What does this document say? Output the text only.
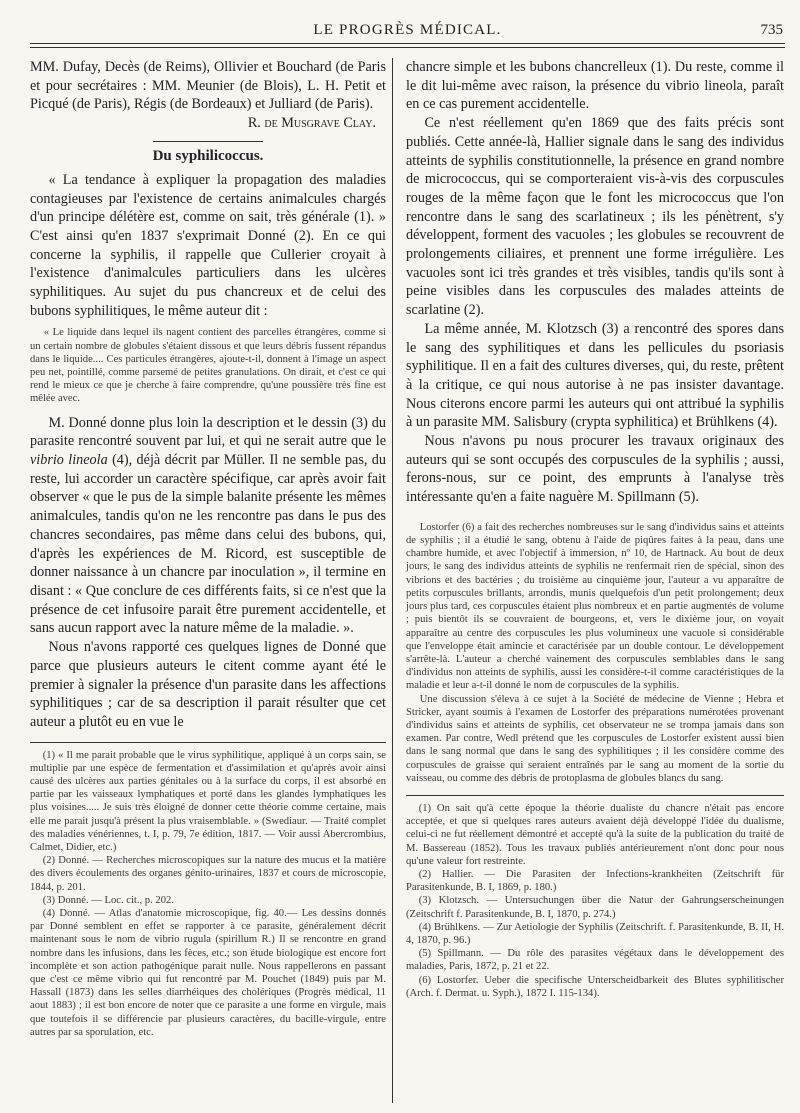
LE PROGRÈS MÉDICAL.	735

MM. Dufay, Decès (de Reims), Ollivier et Bouchard (de Paris et pour secrétaires : MM. Meunier (de Blois), L. H. Petit et Picqué (de Paris), Régis (de Bordeaux) et Julliard (de Paris).

R. de Musgrave Clay.

Du syphilicoccus.

« La tendance à expliquer la propagation des maladies contagieuses par l'existence de certains animalcules chargés d'un principe délétère est, comme on sait, très générale (1). » C'est ainsi qu'en 1837 s'exprimait Donné (2). En ce qui concerne la syphilis, il rappelle que Cullerier croyait à l'existence d'animalcules particuliers dans les ulcères syphilitiques. Au sujet du pus chancreux et de celui des bubons syphilitiques, le même auteur dit :

« Le liquide dans lequel ils nagent contient des parcelles étrangères, comme si un certain nombre de globules s'étaient dissous et que leurs débris fussent répandus dans le liquide.... Ces particules étrangères, ajoute-t-il, donnent à l'image un aspect peu net, pointillé, comme parsemé de petites granulations. On dirait, et c'est ce qui rend le mieux ce que je cherche à faire comprendre, qu'une poussière très fine est mêlée avec.

M. Donné donne plus loin la description et le dessin (3) du parasite rencontré souvent par lui, et qui ne serait autre que le vibrio lineola (4), déjà décrit par Müller. Il ne semble pas, du reste, lui accorder un caractère spécifique, car après avoir fait observer « que le pus de la simple balanite présente les mêmes animalcules, tandis qu'on ne les rencontre pas dans le pus des chancres secondaires, pas même dans celui des bubons, qui, d'après les expériences de M. Ricord, est susceptible de donner naissance à un chancre par inoculation », il termine en disant : « Que conclure de ces différents faits, si ce n'est que la présence de cet infusoire parait être purement accidentelle, et sans aucun rapport avec la nature même de la maladie. ».

Nous n'avons rapporté ces quelques lignes de Donné que parce que plusieurs auteurs le citent comme ayant été le premier à signaler la présence d'un parasite dans les affections syphilitiques ; car de sa description il parait résulter que cet auteur a plutôt eu en vue le

(1) « Il me parait probable que le virus syphilitique, appliqué à un corps sain, se multiplie par une espèce de fermentation et d'assimilation et qu'après avoir ainsi causé des ulcères aux parties génitales ou à la surface du corps, il est absorbé en partie par les vaisseaux lymphatiques et porté dans les glandes lymphatiques les plus voisines..... Je suis très éloigné de donner cette théorie comme certaine, mais elle me parait jusqu'à présent la plus vraisemblable. » (Swediaur. — Traité complet des maladies vénériennes, t. I, p. 79, 7e édition, 1817. — Voir aussi Abercrombius, Calmet, Didier, etc.)

(2) Donné. — Recherches microscopiques sur la nature des mucus et la matière des divers écoulements des organes génito-urinaires, 1837 et cours de microscopie, 1844, p. 201.

(3) Donné. — Loc. cit., p. 202.

(4) Donné. — Atlas d'anatomie microscopique, fig. 40.— Les dessins donnés par Donné semblent en effet se rapporter à ce parasite, généralement décrit maintenant sous le nom de vibrio rugula (spirillum R.) Il se rencontre en grand nombre dans les infusions, dans les fèces, etc.; son étude biologique est encore fort incomplète et son action pathogénique parait nulle. Nous rappellerons en passant que c'est ce même vibrio qui fut rencontré par M. Pouchet (1849) puis par M. Hassall (1873) dans les selles diarrhéiques des cholériques (Progrès médical, 11 aout 1883) ; il est bon encore de noter que ce parasite a une forme en virgule, mais que toutefois il se différencie par plusieurs caractères, du bacille-virgule, entre autres par sa sporulation, etc.

chancre simple et les bubons chancrelleux (1). Du reste, comme il le dit lui-même avec raison, la présence du vibrio lineola, paraît en ce cas purement accidentelle.

Ce n'est réellement qu'en 1869 que des faits précis sont publiés. Cette année-là, Hallier signale dans le sang des individus atteints de syphilis constitutionnelle, la présence en grand nombre de micrococcus, qui se comporteraient vis-à-vis des corpuscules rouges de la même façon que le font les micrococcus que l'on rencontre dans le sang des scarlatineux ; ils les pénètrent, s'y développent, forment des vacuoles ; les globules se recouvrent de prolongements ciliaires, et prennent une forme irrégulière. Les vacuoles sont ici très grandes et très visibles, tandis qu'ils sont à peine visibles dans les corpuscules des malades atteints de scarlatine (2).

La même année, M. Klotzsch (3) a rencontré des spores dans le sang des syphilitiques et dans les pellicules du psoriasis syphilitique. Il en a fait des cultures diverses, qui, du reste, prêtent à la critique, ce qui nous autorise à ne pas insister davantage. Nous citerons encore parmi les auteurs qui ont attribué la syphilis à un parasite MM. Salisbury (crypta syphilitica) et Brühlkens (4).

Nous n'avons pu nous procurer les travaux originaux des auteurs qui se sont occupés des corpuscules de la syphilis ; aussi, ferons-nous, sur ce point, des emprunts à l'analyse très intéressante qu'en a faite naguère M. Spillmann (5).

Lostorfer (6) a fait des recherches nombreuses sur le sang d'individus sains et atteints de syphilis ; il a étudié le sang, obtenu à l'aide de piqûres faites à la peau, dans une chambre humide, et avec l'objectif à immersion, nº 10, de Hartnack. Au bout de deux jours, le sang des individus atteints de syphilis ne renfermait rien de spécial, sinon des vibrions et des bactéries ; du troisième au cinquième jour, l'auteur a vu apparaître de petits corpuscules brillants, arrondis, munis quelquefois d'un petit prolongement; deux jours plus tard, ces corpuscules étaient plus nombreux et en partie augmentés de volume ; puis bientôt ils se couvraient de bourgeons, et, vers le dixième jour, on voyait apparaître au centre des corpuscules les plus volumineux une vacuole si considérable que l'enveloppe était amincie et caractérisée par un double contour. Le développement s'arrête-là. L'auteur a cherché vainement des corpuscules semblables dans le sang d'individus non atteints de syphilis, aussi les considère-t-il comme caractéristiques de la maladie et leur a-t-il donné le nom de corpuscules de la syphilis.

Une discussion s'éleva à ce sujet à la Société de médecine de Vienne ; Hebra et Stricker, ayant soumis à l'examen de Lostorfer des préparations numérotées provenant d'individus sains et atteints de syphilis, cet observateur ne se trompa jamais dans son examen. Par contre, Wedl prétend que les corpuscules de Lostorfer existent aussi bien dans le sang normal que dans le sang des syphilitiques ; il les considère comme des corpuscules de graisse qui seraient entraînés par le sang au moment de la sortie du vaisseau, ou comme des débris de protoplasma de globules blancs du sang.

(1) On sait qu'à cette époque la théorie dualiste du chancre n'était pas encore acceptée, et que si quelques rares auteurs avaient déjà développé l'idée du dualisme, celui-ci ne fut réellement démontré et accepté qu'à la suite de la publication du traité de M. Bassereau (1852). Tous les travaux publiés antérieurement n'ont donc pour nous qu'une valeur fort restreinte.

(2) Hallier. — Die Parasiten der Infections-krankheiten (Zeitschrift für Parasitenkunde, B. I, 1869, p. 180.)

(3) Klotzsch. — Untersuchungen über die Natur der Gahrungserscheinungen (Zeitschrift f. Parasitenkunde, B. I, 1870, p. 274.)

(4) Brühlkens. — Zur Aetiologie der Syphilis (Zeitschrift. f. Parasitenkunde, B. II, H. 4, 1870, p. 96.)

(5) Spillmann. — Du rôle des parasites végétaux dans le développement des maladies, Paris, 1872, p. 21 et 22.

(6) Lostorfer. Ueber die specifische Unterscheidbarkeit des Blutes syphilitischer (Arch. f. Dermat. u. Syph.), 1872 I. 115-134).
